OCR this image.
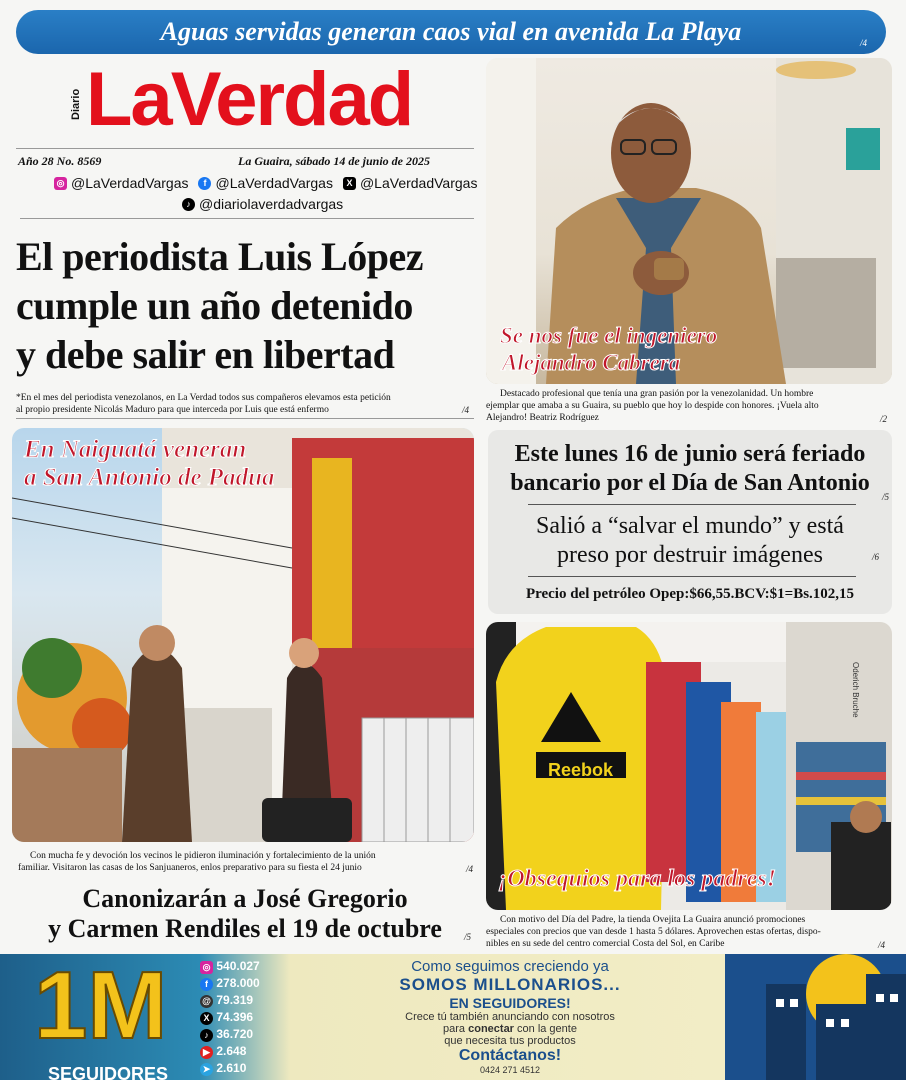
Aguas servidas generan caos vial en avenida La Playa	/4
Diario LaVerdad
Año 28 No. 8569	La Guaira, sábado 14 de junio de 2025
◎ @LaVerdadVargas	f @LaVerdadVargas	X @LaVerdadVargas
♪ @diariolaverdadvargas
El periodista Luis López
cumple un año detenido
y debe salir en libertad
*En el mes del periodista venezolanos, en La Verdad todos sus compañeros elevamos esta petición
al propio presidente Nicolás Maduro para que interceda por Luis que está enfermo	/4
Se nos fue el ingeniero
Alejandro Cabrera
Destacado profesional que tenía una gran pasión por la venezolanidad. Un hombre
ejemplar que amaba a su Guaira, su pueblo que hoy lo despide con honores. ¡Vuela alto
Alejandro! Beatriz Rodríguez	/2
En Naiguatá veneran
a San Antonio de Padua
Con mucha fe y devoción los vecinos le pidieron iluminación y fortalecimiento de la unión
familiar. Visitaron las casas de los Sanjuaneros, enlos preparativo para su fiesta el 24 junio	/4
Este lunes 16 de junio será feriado
bancario por el Día de San Antonio
/5
Salió a “salvar el mundo” y está
preso por destruir imágenes	/6
Precio del petróleo Opep:$66,55.BCV:$1=Bs.102,15
Reebok
Oderich Bruche
¡Obsequios para los padres!
Con motivo del Día del Padre, la tienda Ovejita La Guaira anunció promociones
especiales con precios que van desde 1 hasta 5 dólares. Aprovechen estas ofertas, dispo-
nibles en su sede del centro comercial Costa del Sol, en Caribe	/4
Canonizarán a José Gregorio
y Carmen Rendiles el 19 de octubre	/5
1M
SEGUIDORES
◎ 540.027
f 278.000
@ 79.319
X 74.396
♪ 36.720
▶ 2.648
➤ 2.610
Como seguimos creciendo ya
SOMOS MILLONARIOS...
EN SEGUIDORES!
Crece tú también anunciando con nosotros
para conectar con la gente
que necesita tus productos
Contáctanos!
0424 271 4512
